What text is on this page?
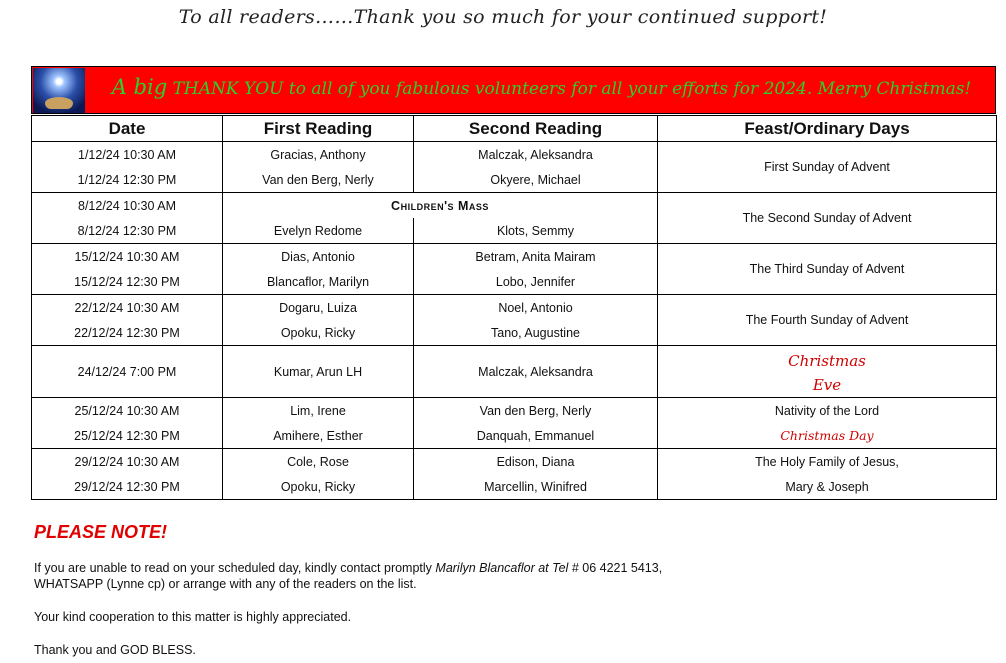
To all readers……Thank you so much for your continued support!
A big THANK YOU to all of you fabulous volunteers for all your efforts for 2024. Merry Christmas!
Date	First Reading	Second Reading	Feast/Ordinary Days
1/12/24 10:30 AM	Gracias, Anthony	Malczak, Aleksandra	First Sunday of Advent
1/12/24 12:30 PM	Van den Berg, Nerly	Okyere, Michael	
8/12/24 10:30 AM	Children's Mass		The Second Sunday of Advent
8/12/24 12:30 PM	Evelyn Redome	Klots, Semmy	
15/12/24 10:30 AM	Dias, Antonio	Betram, Anita Mairam	The Third Sunday of Advent
15/12/24 12:30 PM	Blancaflor, Marilyn	Lobo, Jennifer	
22/12/24 10:30 AM	Dogaru, Luiza	Noel, Antonio	The Fourth Sunday of Advent
22/12/24 12:30 PM	Opoku, Ricky	Tano, Augustine	
24/12/24 7:00 PM	Kumar, Arun LH	Malczak, Aleksandra	Christmas
Eve

25/12/24 10:30 AM	Lim, Irene	Van den Berg, Nerly	Nativity of the Lord
25/12/24 12:30 PM	Amihere, Esther	Danquah, Emmanuel	Christmas Day
29/12/24 10:30 AM	Cole, Rose	Edison, Diana	The Holy Family of Jesus,
29/12/24 12:30 PM	Opoku, Ricky	Marcellin, Winifred	Mary & Joseph
PLEASE NOTE!
If you are unable to read on your scheduled day, kindly contact promptly Marilyn Blancaflor at Tel # 06 4221 5413,
WHATSAPP (Lynne cp) or arrange with any of the readers on the list.
Your kind cooperation to this matter is highly appreciated.
Thank you and GOD BLESS.
